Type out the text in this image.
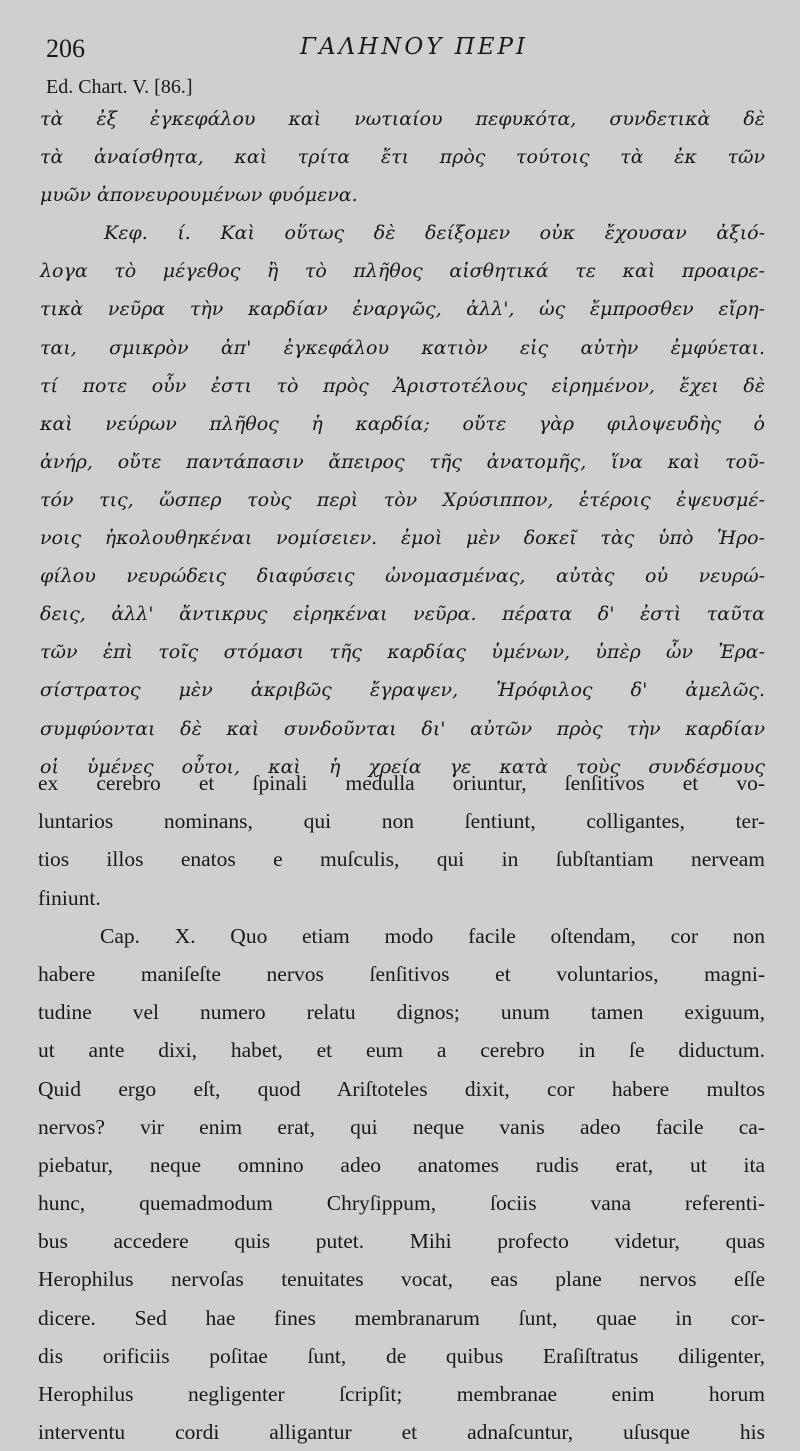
206	ΓΑΛΗΝΟΥ ΠΕΡΙ
Ed. Chart. V. [86.]
τὰ ἐξ ἐγκεφάλου καὶ νωτιαίου πεφυκότα, συνδετικὰ δὲ
τὰ ἀναίσθητα, καὶ τρίτα ἔτι πρὸς τούτοις τὰ ἐκ τῶν
μυῶν ἀπονευρουμένων φυόμενα.
Κεφ. ί. Καὶ οὕτως δὲ δείξομεν οὐκ ἔχουσαν ἀξιό-
λογα τὸ μέγεθος ἢ τὸ πλῆθος αἰσθητικά τε καὶ προαιρε-
τικὰ νεῦρα τὴν καρδίαν ἐναργῶς, ἀλλ', ὡς ἔμπροσθεν εἴρη-
ται, σμικρὸν ἀπ' ἐγκεφάλου κατιὸν εἰς αὐτὴν ἐμφύεται.
τί ποτε οὖν ἐστι τὸ πρὸς Ἀριστοτέλους εἰρημένον, ἔχει δὲ
καὶ νεύρων πλῆθος ἡ καρδία; οὔτε γὰρ φιλοψευδὴς ὁ
ἀνήρ, οὔτε παντάπασιν ἄπειρος τῆς ἀνατομῆς, ἵνα καὶ τοῦ-
τόν τις, ὥσπερ τοὺς περὶ τὸν Χρύσιππον, ἑτέροις ἐψευσμέ-
νοις ἠκολουθηκέναι νομίσειεν. ἐμοὶ μὲν δοκεῖ τὰς ὑπὸ Ἡρο-
φίλου νευρώδεις διαφύσεις ὠνομασμένας, αὐτὰς οὐ νευρώ-
δεις, ἀλλ' ἄντικρυς εἰρηκέναι νεῦρα. πέρατα δ' ἐστὶ ταῦτα
τῶν ἐπὶ τοῖς στόμασι τῆς καρδίας ὑμένων, ὑπὲρ ὧν Ἐρα-
σίστρατος μὲν ἀκριβῶς ἔγραψεν, Ἡρόφιλος δ' ἀμελῶς.
συμφύονται δὲ καὶ συνδοῦνται δι' αὐτῶν πρὸς τὴν καρδίαν
οἱ ὑμένες οὗτοι, καὶ ἡ χρεία γε κατὰ τοὺς συνδέσμους
ex cerebro et ſpinali medulla oriuntur, ſenſitivos et vo-
luntarios nominans, qui non ſentiunt, colligantes, ter-
tios illos enatos e muſculis, qui in ſubſtantiam nerveam
finiunt.
Cap. X. Quo etiam modo facile oſtendam, cor non
habere maniſeſte nervos ſenſitivos et voluntarios, magni-
tudine vel numero relatu dignos; unum tamen exiguum,
ut ante dixi, habet, et eum a cerebro in ſe diductum.
Quid ergo eſt, quod Ariſtoteles dixit, cor habere multos
nervos? vir enim erat, qui neque vanis adeo facile ca-
piebatur, neque omnino adeo anatomes rudis erat, ut ita
hunc, quemadmodum Chryſippum, ſociis vana referenti-
bus accedere quis putet. Mihi profecto videtur, quas
Herophilus nervoſas tenuitates vocat, eas plane nervos eſſe
dicere. Sed hae fines membranarum ſunt, quae in cor-
dis orificiis poſitae ſunt, de quibus Eraſiſtratus diligenter,
Herophilus negligenter ſcripſit; membranae enim horum
interventu cordi alligantur et adnaſcuntur, uſusque his
